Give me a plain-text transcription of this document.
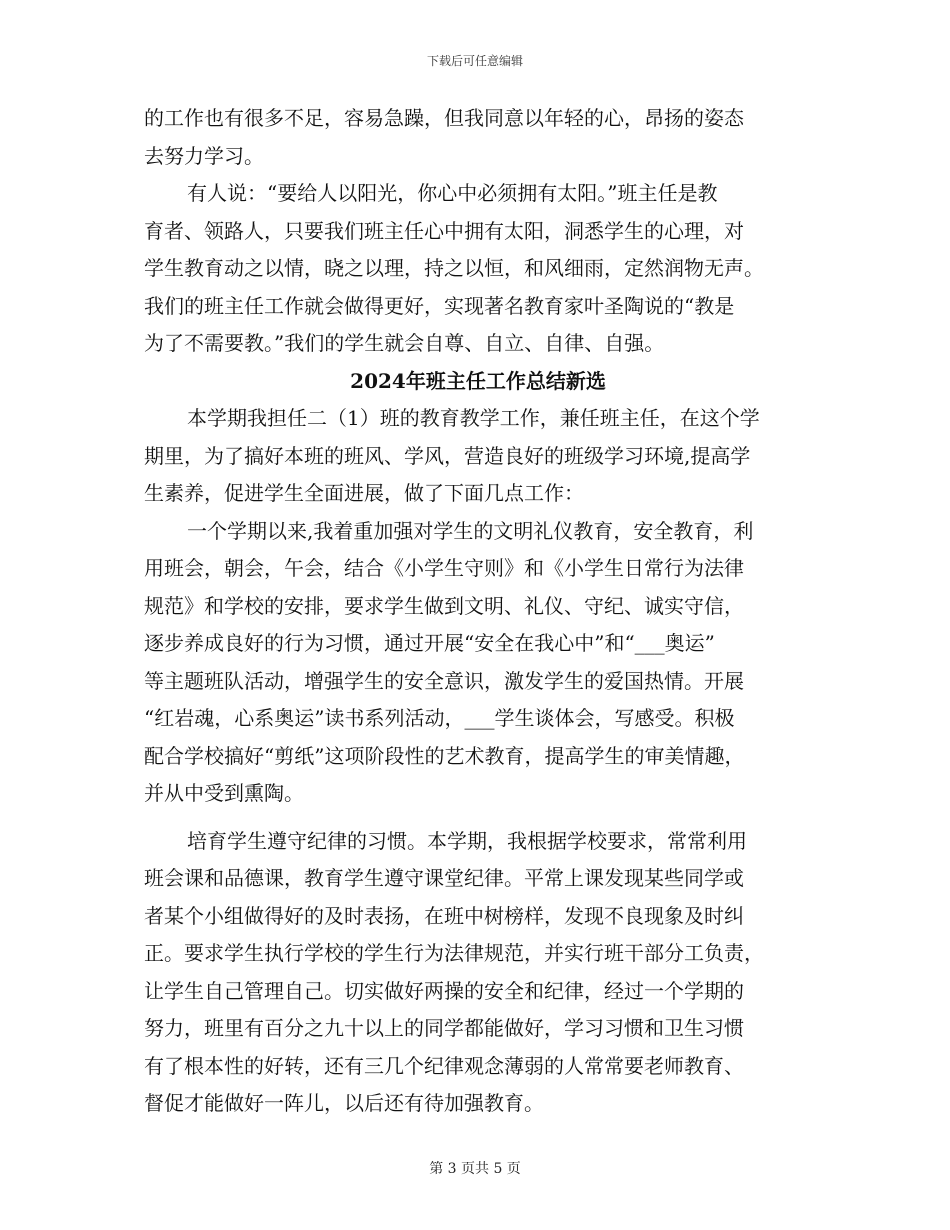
下载后可任意编辑
的工作也有很多不足，容易急躁，但我同意以年轻的心，昂扬的姿态
去努力学习。
有人说：“要给人以阳光，你心中必须拥有太阳。”班主任是教
育者、领路人，只要我们班主任心中拥有太阳，洞悉学生的心理，对
学生教育动之以情，晓之以理，持之以恒，和风细雨，定然润物无声。
我们的班主任工作就会做得更好，实现著名教育家叶圣陶说的“教是
为了不需要教。”我们的学生就会自尊、自立、自律、自强。
2024年班主任工作总结新选
本学期我担任二（1）班的教育教学工作，兼任班主任，在这个学
期里，为了搞好本班的班风、学风，营造良好的班级学习环境,提高学
生素养，促进学生全面进展，做了下面几点工作：
一个学期以来,我着重加强对学生的文明礼仪教育，安全教育，利
用班会，朝会，午会，结合《小学生守则》和《小学生日常行为法律
规范》和学校的安排，要求学生做到文明、礼仪、守纪、诚实守信，
逐步养成良好的行为习惯，通过开展“安全在我心中”和“___奥运”
等主题班队活动，增强学生的安全意识，激发学生的爱国热情。开展
“红岩魂，心系奥运”读书系列活动，___学生谈体会，写感受。积极
配合学校搞好“剪纸”这项阶段性的艺术教育，提高学生的审美情趣，
并从中受到熏陶。
培育学生遵守纪律的习惯。本学期，我根据学校要求，常常利用
班会课和品德课，教育学生遵守课堂纪律。平常上课发现某些同学或
者某个小组做得好的及时表扬，在班中树榜样，发现不良现象及时纠
正。要求学生执行学校的学生行为法律规范，并实行班干部分工负责，
让学生自己管理自己。切实做好两操的安全和纪律，经过一个学期的
努力，班里有百分之九十以上的同学都能做好，学习习惯和卫生习惯
有了根本性的好转，还有三几个纪律观念薄弱的人常常要老师教育、
督促才能做好一阵儿，以后还有待加强教育。
第 3 页共 5 页
